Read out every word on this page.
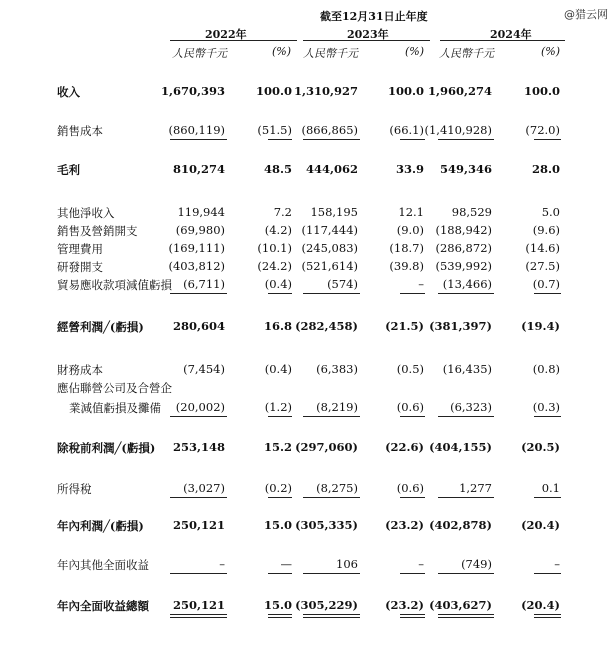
@猎云网
截至12月31日止年度
2022年	2023年	2024年
人民幣千元	(%) 人民幣千元	(%) 人民幣千元	(%)
收入	1,670,393	100.0 1,310,927	100.0 1,960,274	100.0
銷售成本	(860,119)	(51.5) (866,865)	(66.1) (1,410,928)	(72.0)
毛利	810,274	48.5 444,062	33.9 549,346	28.0
其他淨收入	119,944	7.2 158,195	12.1 98,529	5.0
銷售及營銷開支	(69,980)	(4.2) (117,444)	(9.0) (188,942)	(9.6)
管理費用	(169,111)	(10.1) (245,083)	(18.7) (286,872)	(14.6)
研發開支	(403,812)	(24.2) (521,614)	(39.8) (539,992)	(27.5)
貿易應收款項減值虧損 (6,711)	(0.4)	(574)	– (13,466)	(0.7)
經營利潤╱(虧損)	280,604	16.8 (282,458) (21.5) (381,397)	(19.4)
財務成本	(7,454)	(0.4) (6,383)	(0.5) (16,435)	(0.8)
應佔聯營公司及合營企
業減值虧損及攤備 (20,002)	(1.2) (8,219)	(0.6) (6,323)	(0.3)
除稅前利潤╱(虧損) 253,148	15.2 (297,060) (22.6) (404,155)	(20.5)
所得稅	(3,027)	(0.2) (8,275)	(0.6)	1,277	0.1
年內利潤╱(虧損)	250,121	15.0 (305,335) (23.2) (402,878)	(20.4)
年內其他全面收益	–	—	106	–	(749)	–
年內全面收益總額 250,121	15.0 (305,229) (23.2) (403,627)	(20.4)
